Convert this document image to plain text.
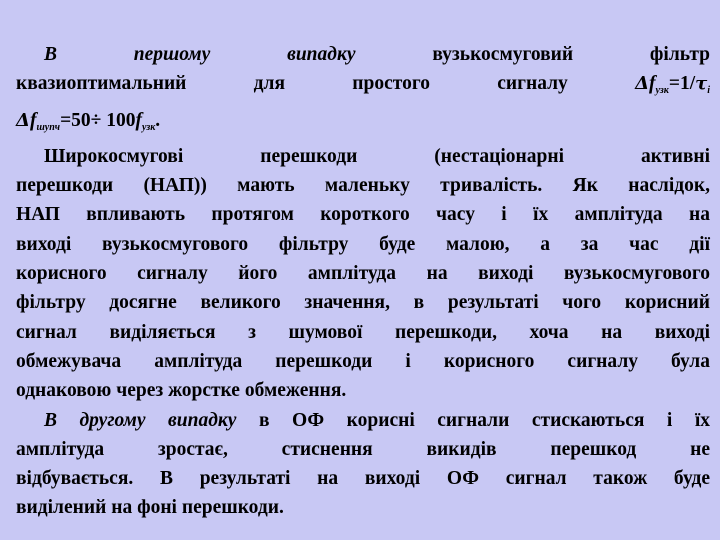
В першому випадку	вузькосмуговий фільтр
квазиоптимальний для простого сигналу	$\Delta f_{узк}=1/\tau_і$
$\Delta f_{шупч}=50\div 100f_{узк}$.
Широкосмугові перешкоди (нестаціонарні активні
перешкоди (НАП)) мають маленьку тривалість. Як наслідок,
НАП впливають протягом короткого часу і їх амплітуда на
виході вузькосмугового фільтру буде малою, а за час дії
корисного сигналу його амплітуда на виході вузькосмугового
фільтру досягне великого значення, в результаті чого корисний
сигнал виділяється з шумової перешкоди, хоча на виході
обмежувача амплітуда перешкоди і корисного сигналу була
однаковою через жорстке обмеження.
В другому випадку в ОФ корисні сигнали стискаються і їх
амплітуда зростає, стиснення викидів перешкод не
відбувається. В результаті на виході ОФ сигнал також буде
виділений на фоні перешкоди.
